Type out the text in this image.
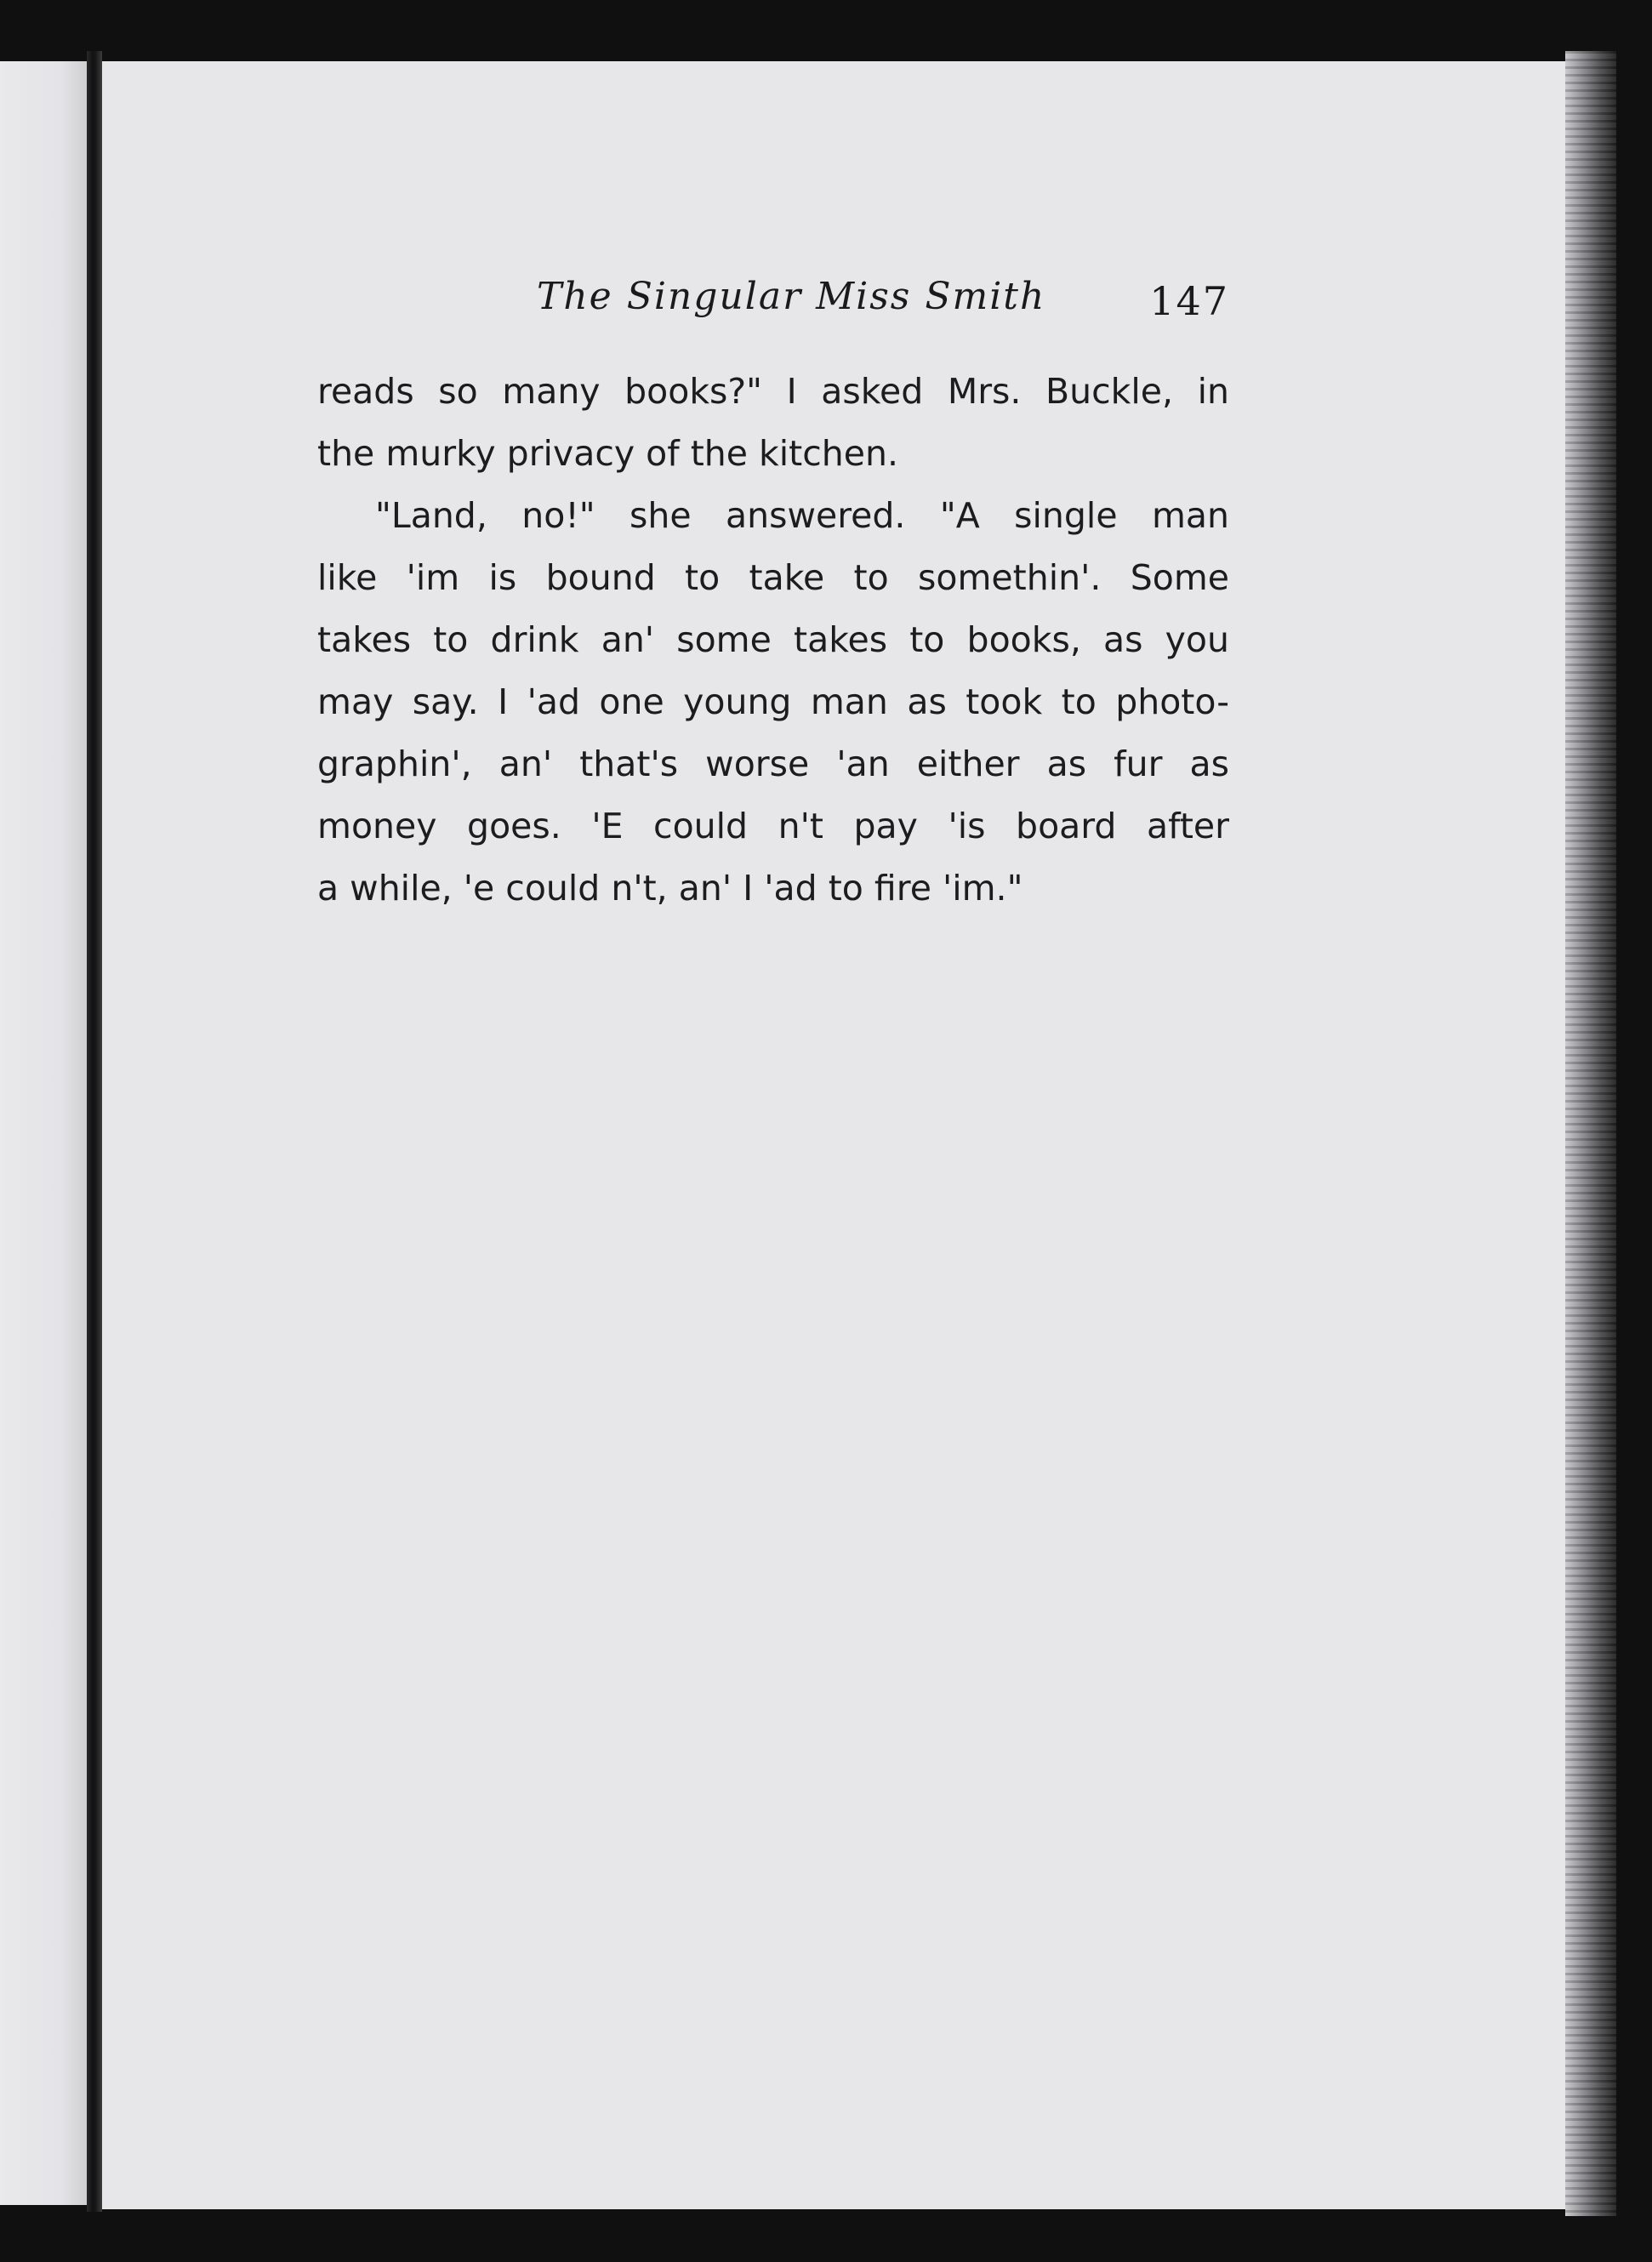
The Singular Miss Smith	147
reads so many books?" I asked Mrs. Buckle, in
the murky privacy of the kitchen.
"Land, no!" she answered. "A single man
like 'im is bound to take to somethin'. Some
takes to drink an' some takes to books, as you
may say. I 'ad one young man as took to photo-
graphin', an' that's worse 'an either as fur as
money goes. 'E could n't pay 'is board after
a while, 'e could n't, an' I 'ad to fire 'im."
